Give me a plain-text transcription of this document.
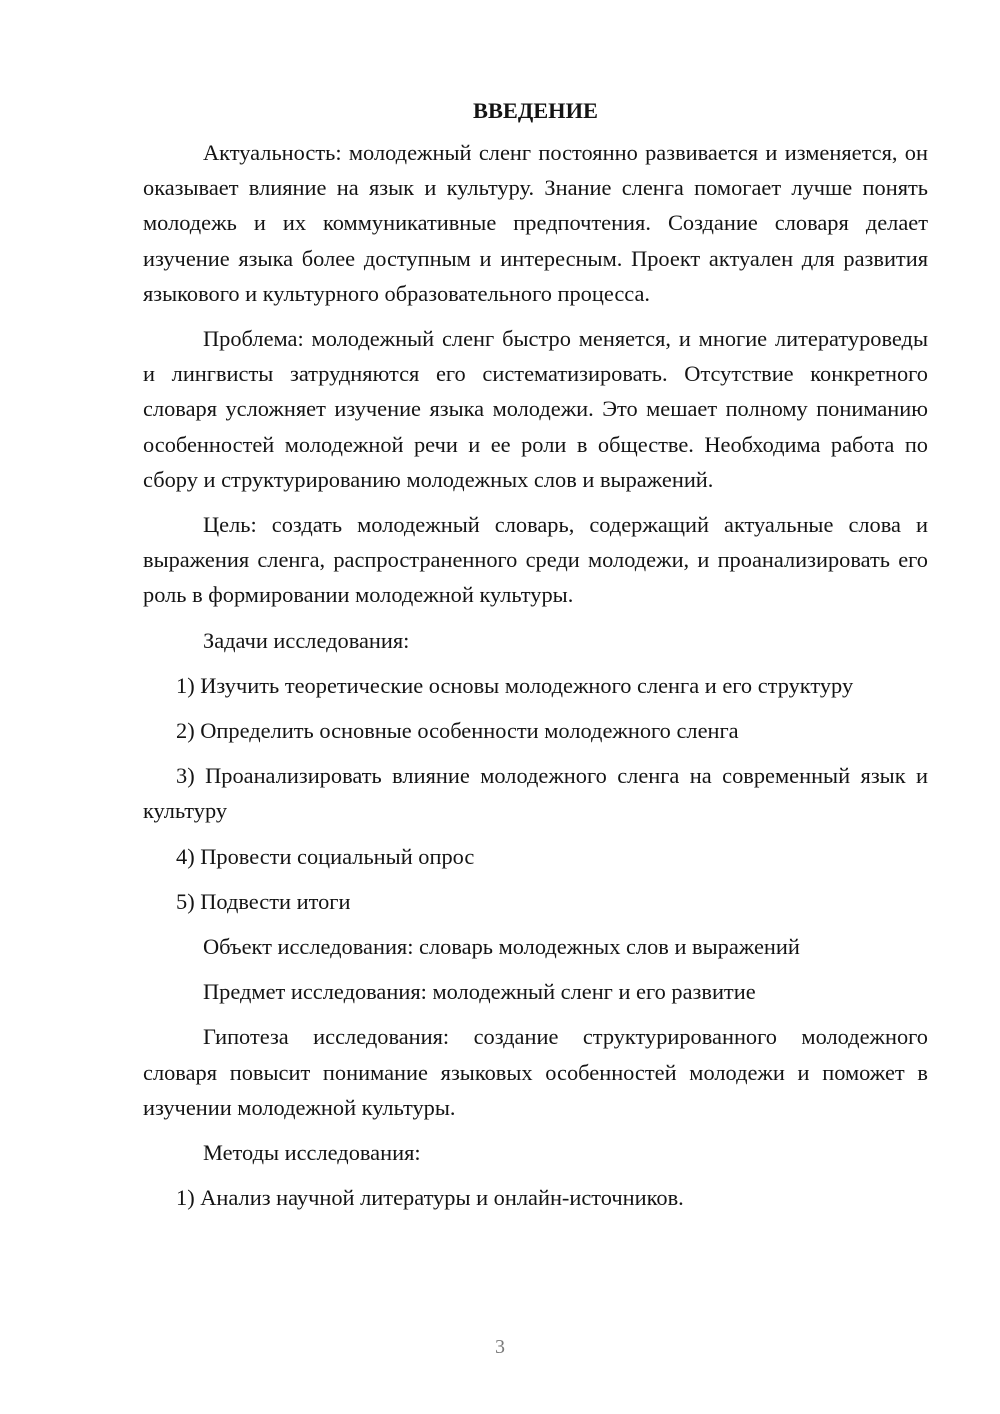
ВВЕДЕНИЕ

Актуальность: молодежный сленг постоянно развивается и изменяется, он оказывает влияние на язык и культуру. Знание сленга помогает лучше понять молодежь и их коммуникативные предпочтения. Создание словаря делает изучение языка более доступным и интересным. Проект актуален для развития языкового и культурного образовательного процесса.

Проблема: молодежный сленг быстро меняется, и многие литературоведы и лингвисты затрудняются его систематизировать. Отсутствие конкретного словаря усложняет изучение языка молодежи. Это мешает полному пониманию особенностей молодежной речи и ее роли в обществе. Необходима работа по сбору и структурированию молодежных слов и выражений.

Цель: создать молодежный словарь, содержащий актуальные слова и выражения сленга, распространенного среди молодежи, и проанализировать его роль в формировании молодежной культуры.

Задачи исследования:

1) Изучить теоретические основы молодежного сленга и его структуру

2) Определить основные особенности молодежного сленга

3) Проанализировать влияние молодежного сленга на современный язык и культуру

4) Провести социальный опрос

5) Подвести итоги

Объект исследования: словарь молодежных слов и выражений

Предмет исследования: молодежный сленг и его развитие

Гипотеза исследования: создание структурированного молодежного словаря повысит понимание языковых особенностей молодежи и поможет в изучении молодежной культуры.

Методы исследования:

1) Анализ научной литературы и онлайн-источников.

3
